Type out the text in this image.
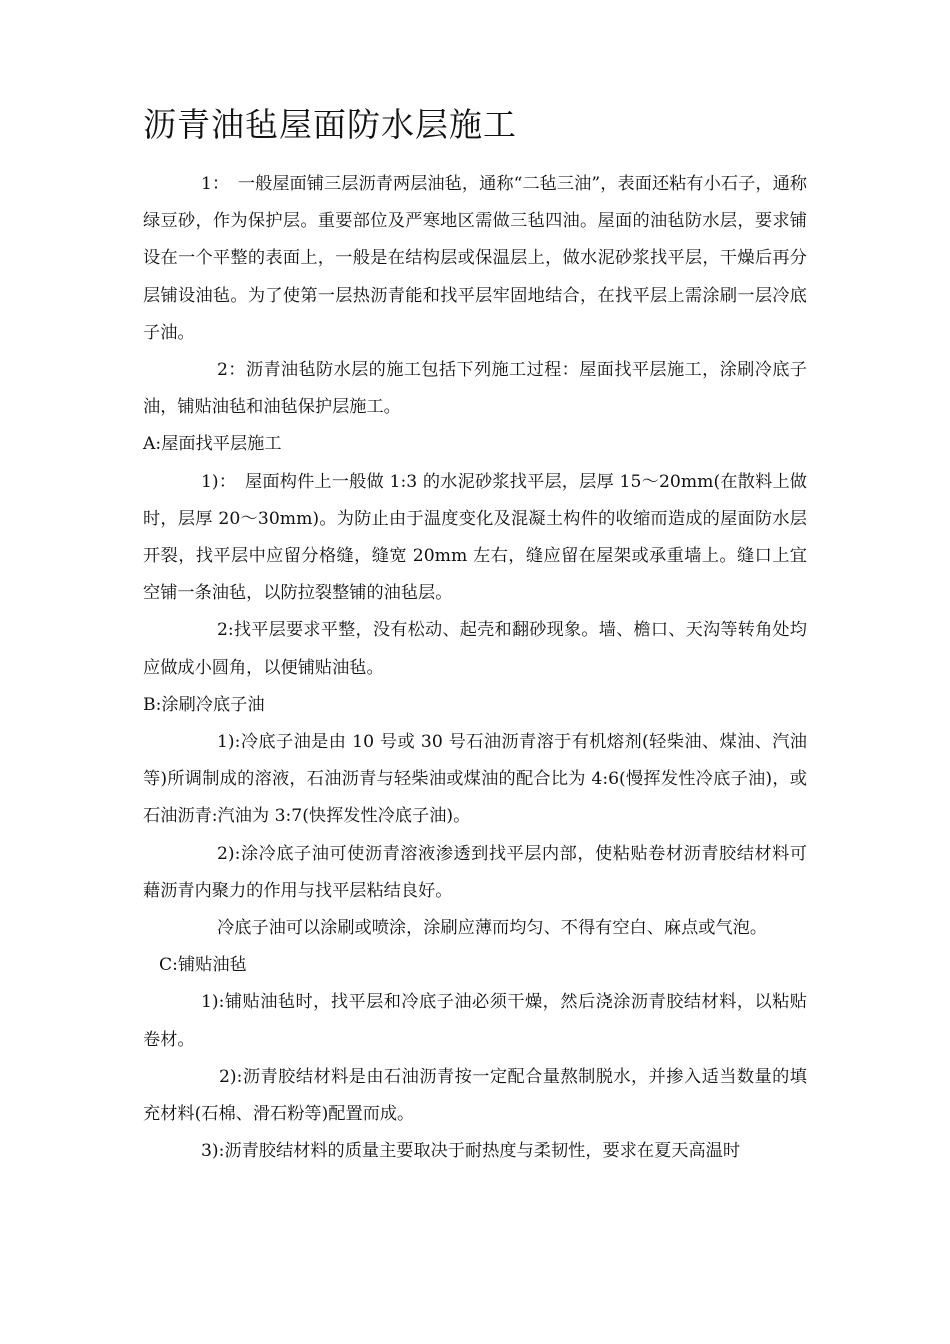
沥青油毡屋面防水层施工

1：　一般屋面铺三层沥青两层油毡，通称“二毡三油”，表面还粘有小石子，通称绿豆砂，作为保护层。重要部位及严寒地区需做三毡四油。屋面的油毡防水层，要求铺设在一个平整的表面上，一般是在结构层或保温层上，做水泥砂浆找平层，干燥后再分层铺设油毡。为了使第一层热沥青能和找平层牢固地结合，在找平层上需涂刷一层冷底子油。

2：沥青油毡防水层的施工包括下列施工过程：屋面找平层施工，涂刷冷底子油，铺贴油毡和油毡保护层施工。

A:屋面找平层施工

1)：　屋面构件上一般做 1:3 的水泥砂浆找平层，层厚 15～20mm(在散料上做时，层厚 20～30mm)。为防止由于温度变化及混凝土构件的收缩而造成的屋面防水层开裂，找平层中应留分格缝，缝宽 20mm 左右，缝应留在屋架或承重墙上。缝口上宜空铺一条油毡，以防拉裂整铺的油毡层。

2:找平层要求平整，没有松动、起壳和翻砂现象。墙、檐口、天沟等转角处均应做成小圆角，以便铺贴油毡。

B:涂刷冷底子油

1):冷底子油是由 10 号或 30 号石油沥青溶于有机熔剂(轻柴油、煤油、汽油等)所调制成的溶液，石油沥青与轻柴油或煤油的配合比为 4:6(慢挥发性冷底子油)，或石油沥青:汽油为 3:7(快挥发性冷底子油)。

2):涂冷底子油可使沥青溶液渗透到找平层内部，使粘贴卷材沥青胶结材料可藉沥青内聚力的作用与找平层粘结良好。

冷底子油可以涂刷或喷涂，涂刷应薄而均匀、不得有空白、麻点或气泡。

C:铺贴油毡

1):铺贴油毡时，找平层和冷底子油必须干燥，然后浇涂沥青胶结材料，以粘贴卷材。

2):沥青胶结材料是由石油沥青按一定配合量熬制脱水，并掺入适当数量的填充材料(石棉、滑石粉等)配置而成。

3):沥青胶结材料的质量主要取决于耐热度与柔韧性，要求在夏天高温时
